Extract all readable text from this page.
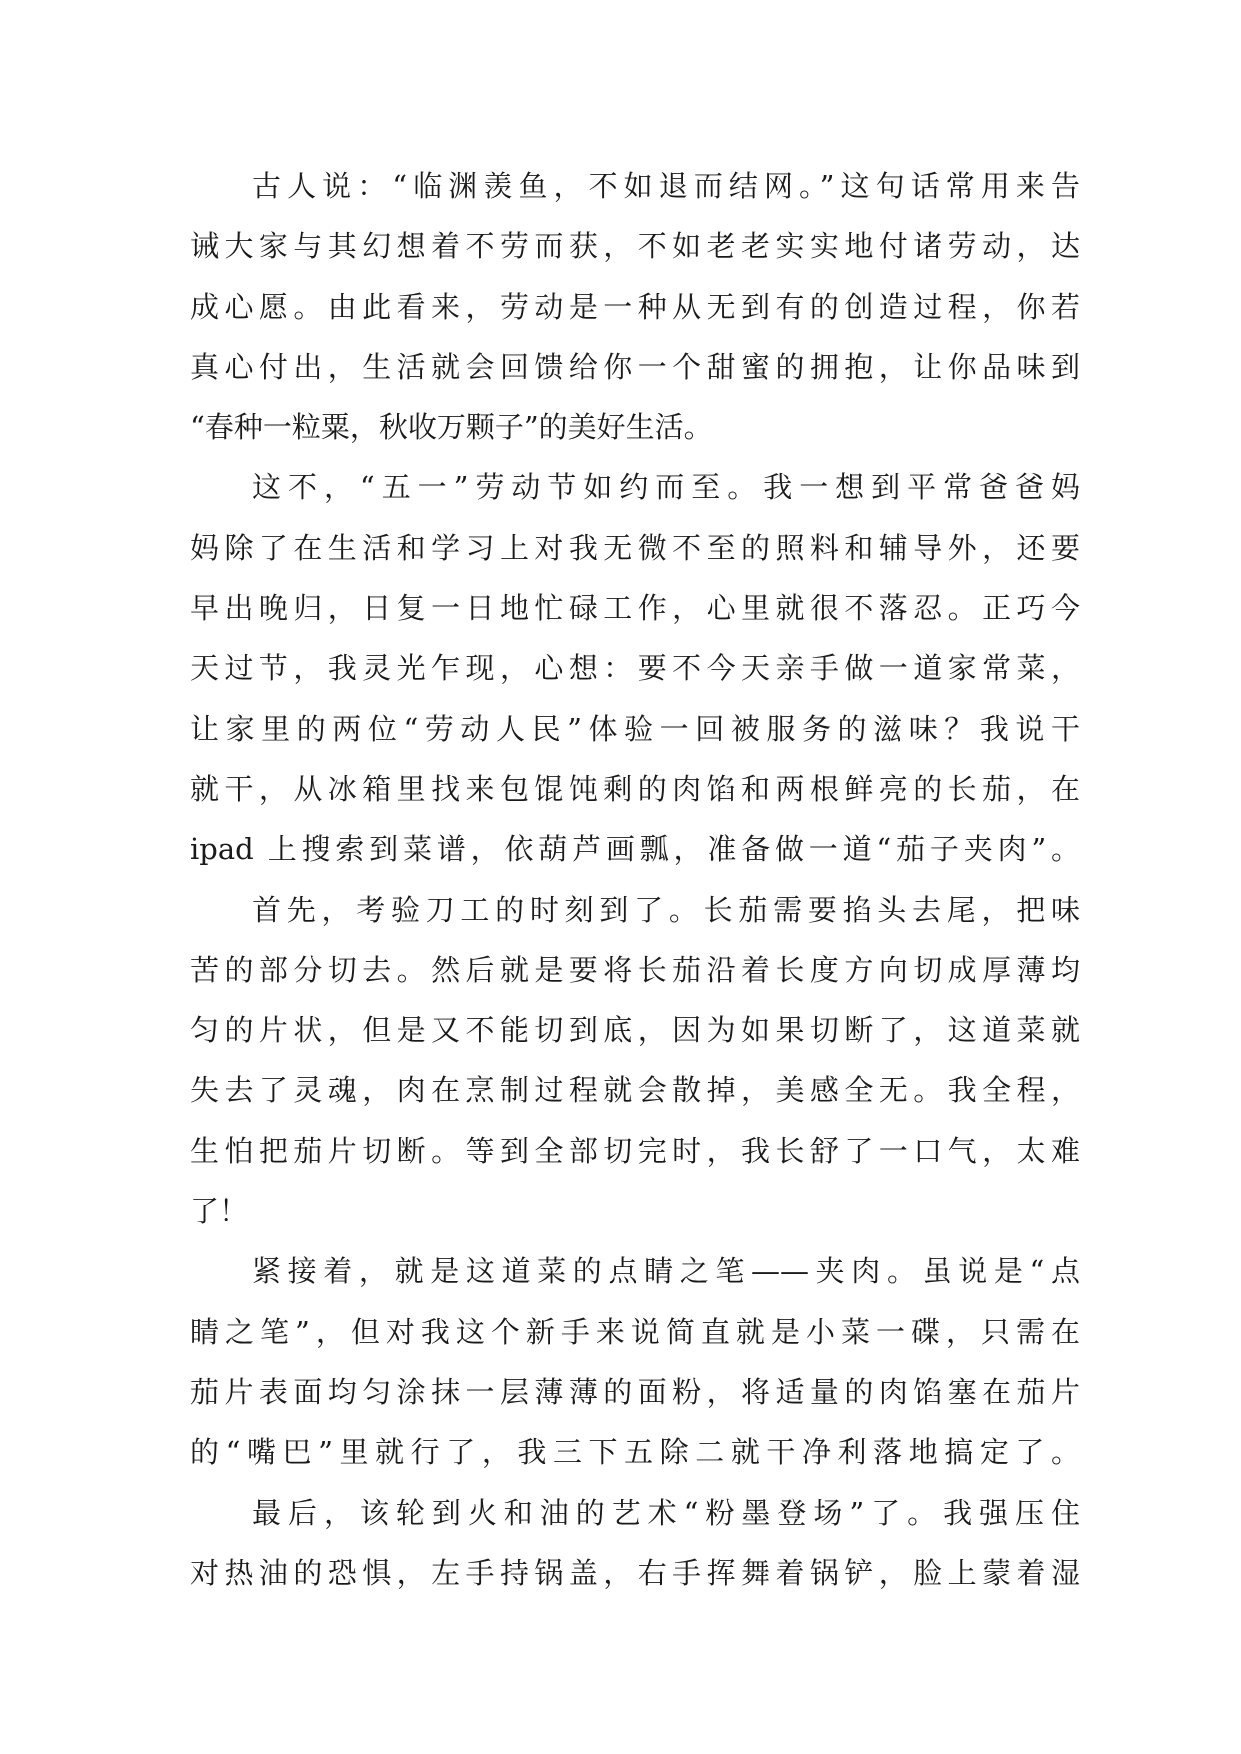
古人说：“临渊羡鱼，不如退而结网。”这句话常用来告
诫大家与其幻想着不劳而获，不如老老实实地付诸劳动，达
成心愿。由此看来，劳动是一种从无到有的创造过程，你若
真心付出，生活就会回馈给你一个甜蜜的拥抱，让你品味到
“春种一粒粟，秋收万颗子”的美好生活。
这不，“五一”劳动节如约而至。我一想到平常爸爸妈
妈除了在生活和学习上对我无微不至的照料和辅导外，还要
早出晚归，日复一日地忙碌工作，心里就很不落忍。正巧今
天过节，我灵光乍现，心想：要不今天亲手做一道家常菜，
让家里的两位“劳动人民”体验一回被服务的滋味？我说干
就干，从冰箱里找来包馄饨剩的肉馅和两根鲜亮的长茄，在
ipad 上搜索到菜谱，依葫芦画瓢，准备做一道“茄子夹肉”。
首先，考验刀工的时刻到了。长茄需要掐头去尾，把味
苦的部分切去。然后就是要将长茄沿着长度方向切成厚薄均
匀的片状，但是又不能切到底，因为如果切断了，这道菜就
失去了灵魂，肉在烹制过程就会散掉，美感全无。我全程，
生怕把茄片切断。等到全部切完时，我长舒了一口气，太难
了！
紧接着，就是这道菜的点睛之笔——夹肉。虽说是“点
睛之笔”，但对我这个新手来说简直就是小菜一碟，只需在
茄片表面均匀涂抹一层薄薄的面粉，将适量的肉馅塞在茄片
的“嘴巴”里就行了，我三下五除二就干净利落地搞定了。
最后，该轮到火和油的艺术“粉墨登场”了。我强压住
对热油的恐惧，左手持锅盖，右手挥舞着锅铲，脸上蒙着湿
